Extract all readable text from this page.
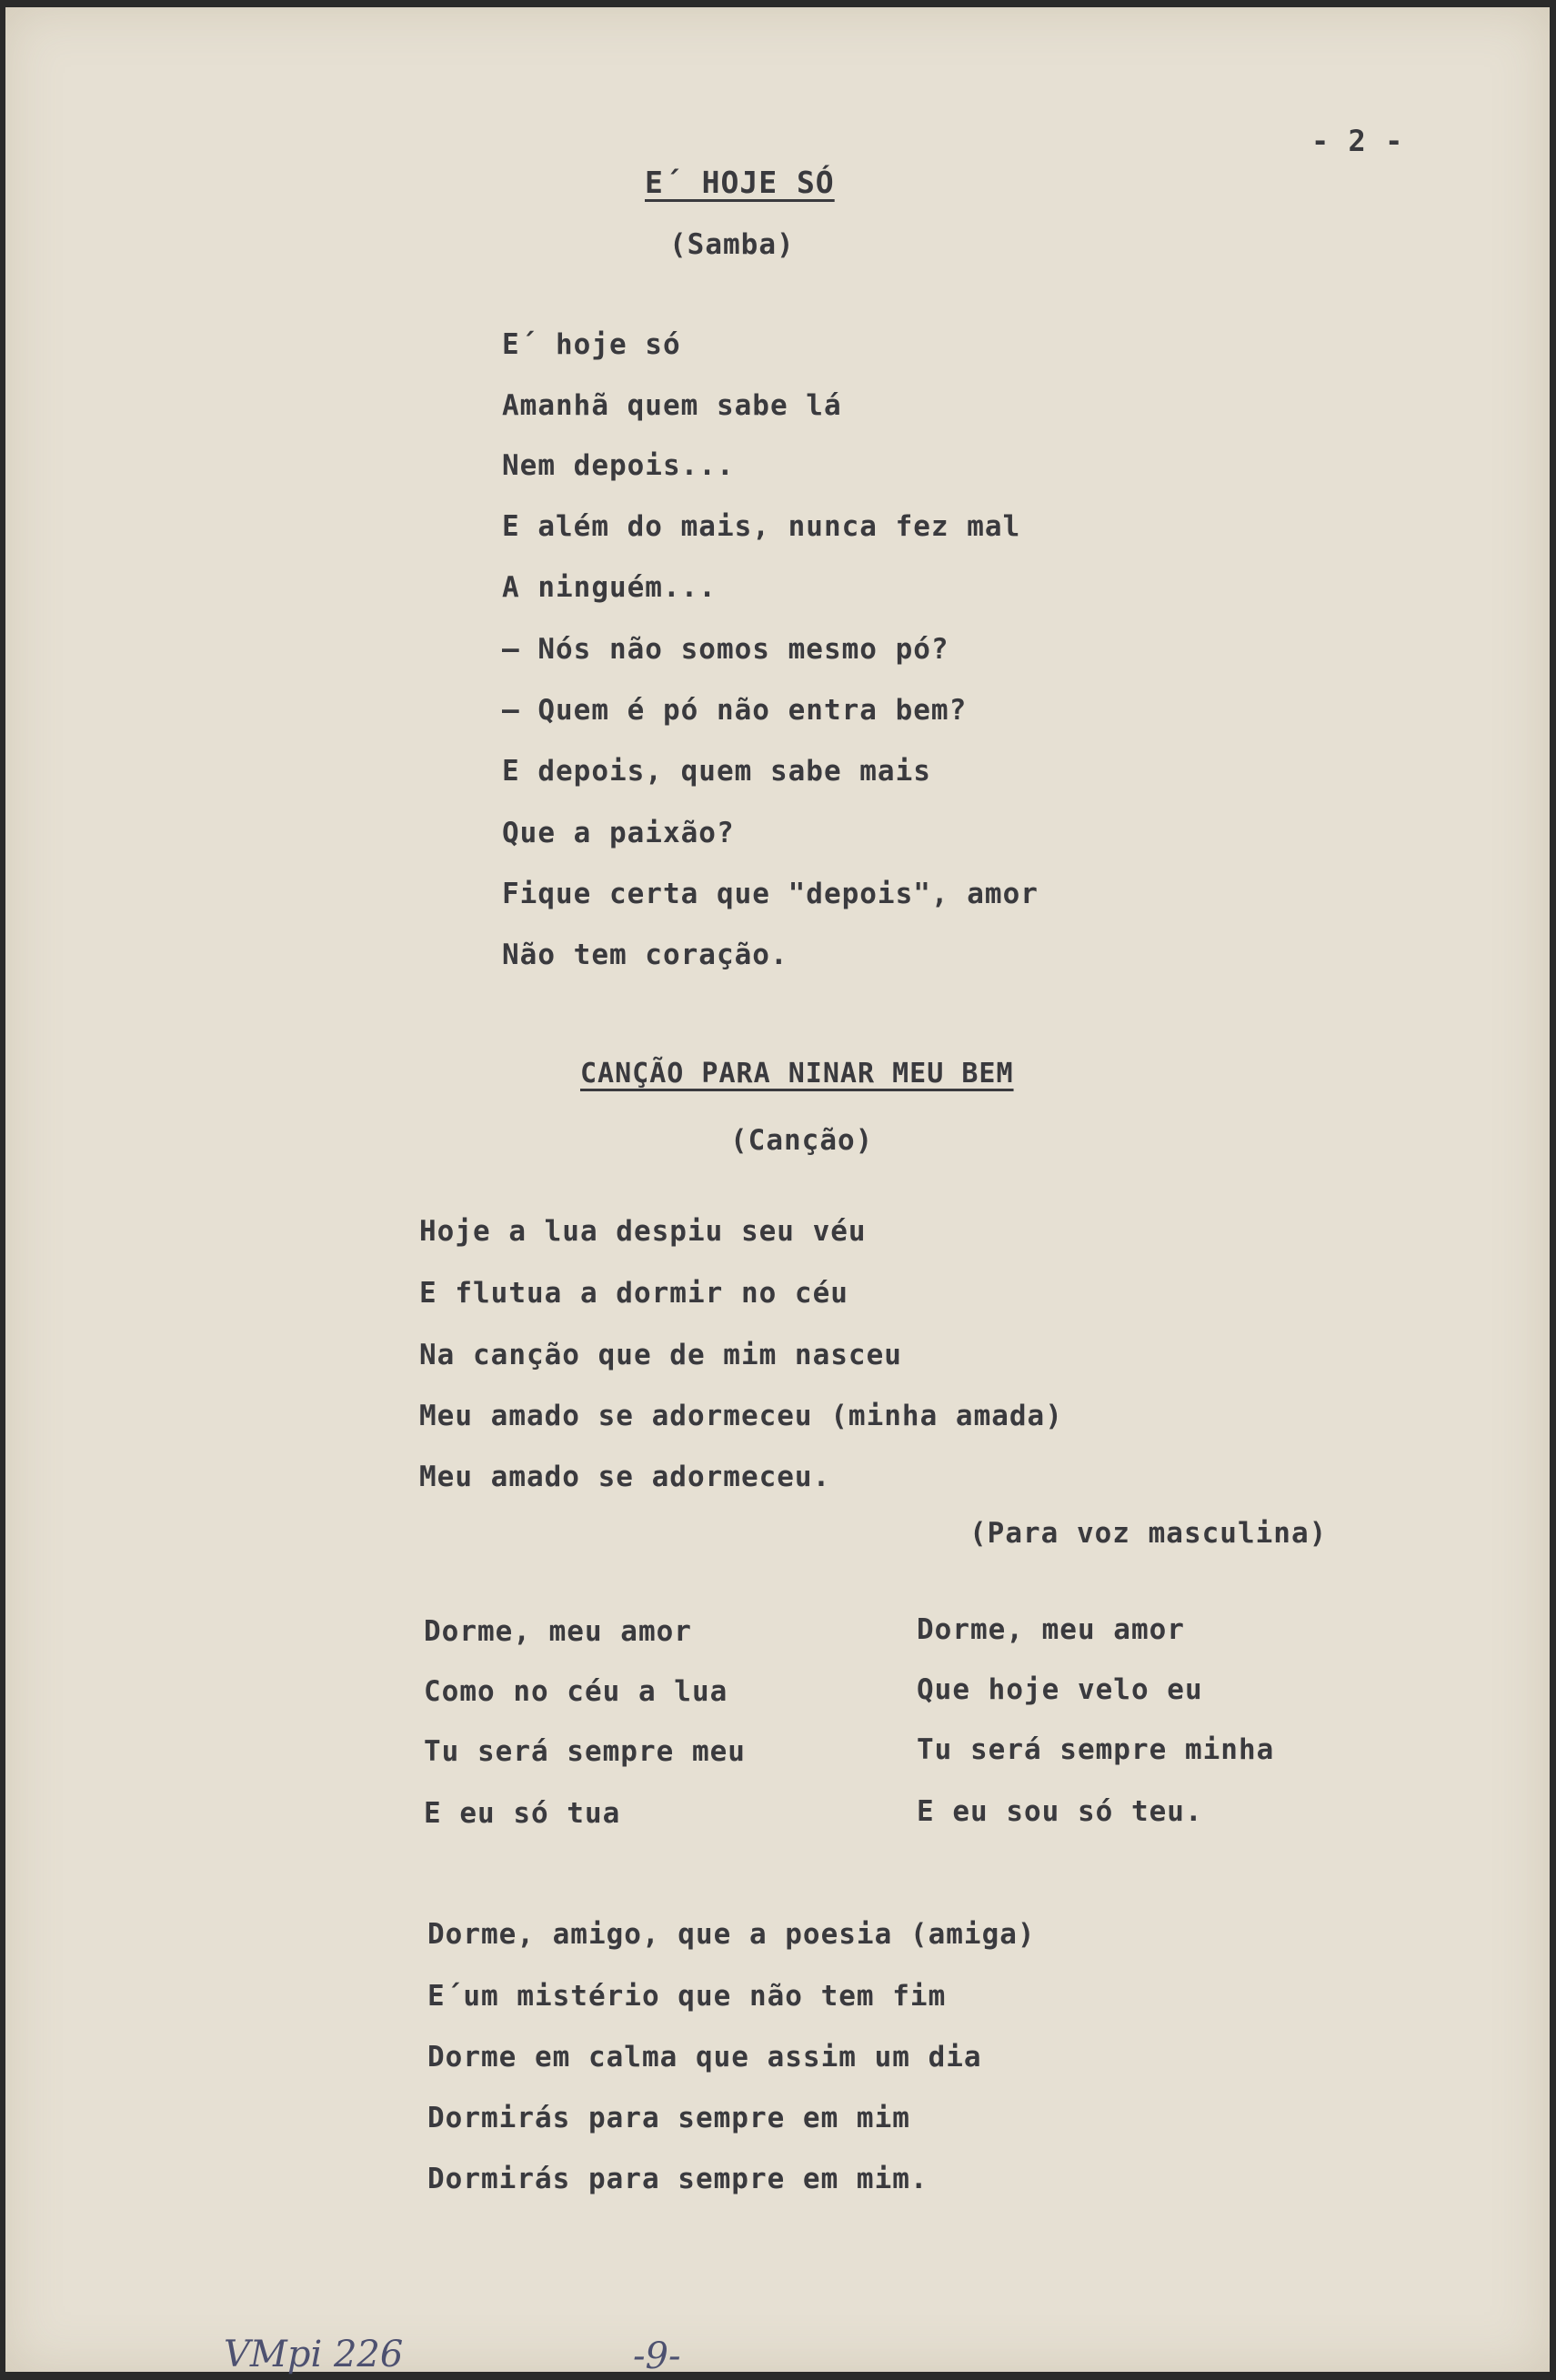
- 2 -
E´ HOJE SÓ
(Samba)
E´ hoje só
Amanhã quem sabe lá
Nem depois...
E além do mais, nunca fez mal
A ninguém...
— Nós não somos mesmo pó?
— Quem é pó não entra bem?
E depois, quem sabe mais
Que a paixão?
Fique certa que "depois", amor
Não tem coração.
CANÇÃO PARA NINAR MEU BEM
(Canção)
Hoje a lua despiu seu véu
E flutua a dormir no céu
Na canção que de mim nasceu
Meu amado se adormeceu (minha amada)
Meu amado se adormeceu.
(Para voz masculina)
Dorme, meu amor
Como no céu a lua
Tu será sempre meu
E eu só tua
Dorme, meu amor
Que hoje velo eu
Tu será sempre minha
E eu sou só teu.
Dorme, amigo, que a poesia (amiga)
E´um mistério que não tem fim
Dorme em calma que assim um dia
Dormirás para sempre em mim
Dormirás para sempre em mim.
VMpi 226	-9-
